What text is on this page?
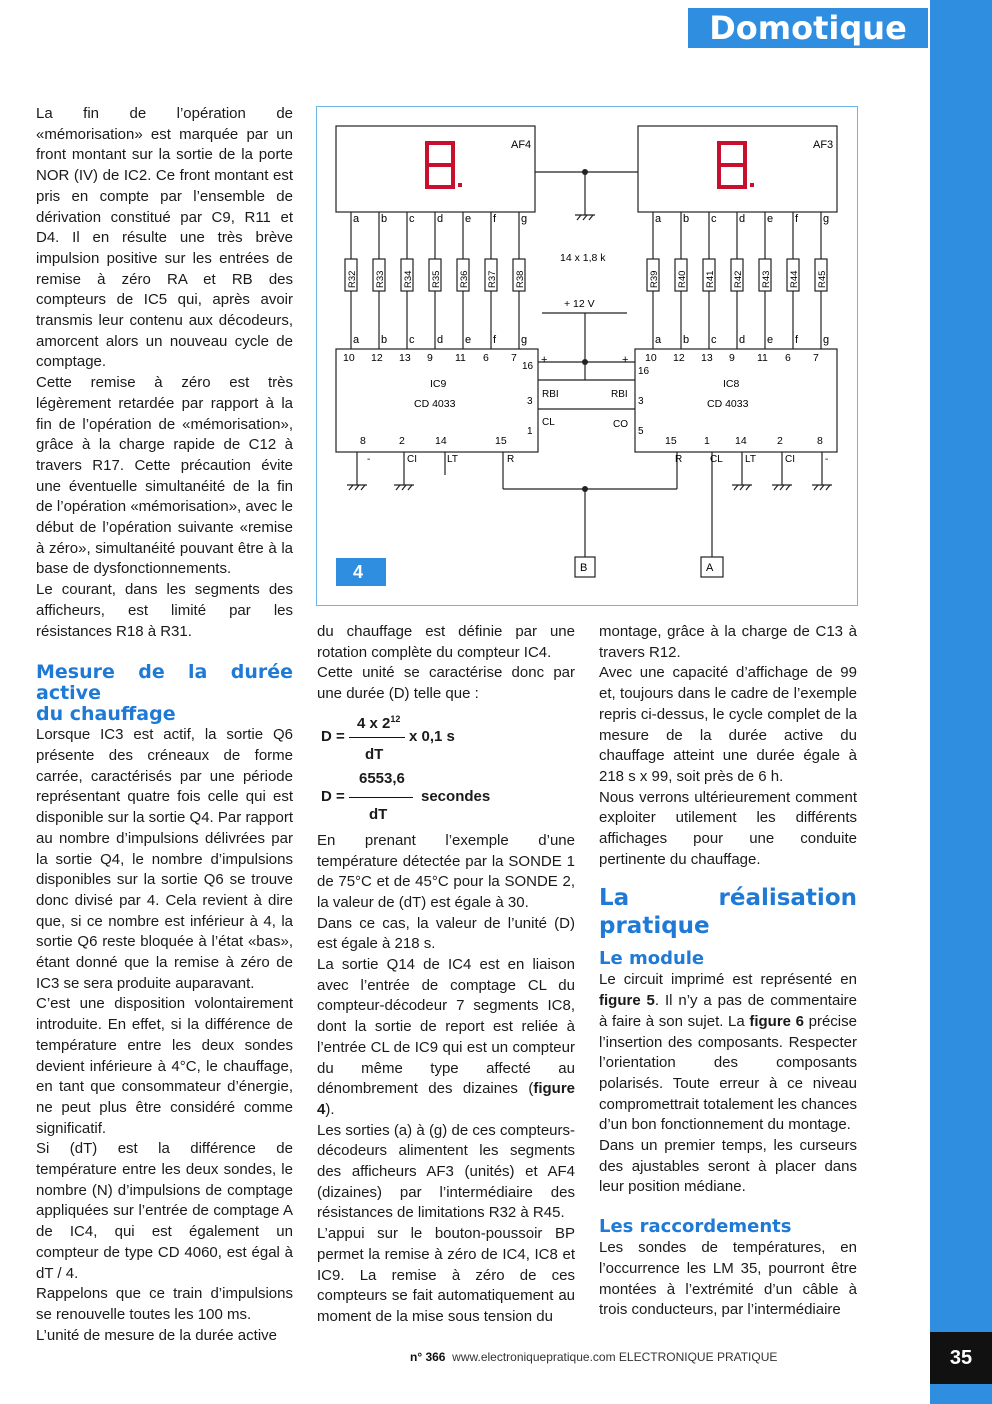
Domotique

La fin de l’opération de «mémorisation» est marquée par un front montant sur la sortie de la porte NOR (IV) de IC2. Ce front montant est pris en compte par l’ensemble de dérivation constitué par C9, R11 et D4. Il en résulte une très brève impulsion positive sur les entrées de remise à zéro RA et RB des compteurs de IC5 qui, après avoir transmis leur contenu aux décodeurs, amorcent alors un nouveau cycle de comptage.

Cette remise à zéro est très légèrement retardée par rapport à la fin de l’opération de «mémorisation», grâce à la charge rapide de C12 à travers R17. Cette précaution évite une éventuelle simultanéité de la fin de l’opération «mémorisation», avec le début de l’opération suivante «remise à zéro», simultanéité pouvant être à la base de dysfonctionnements.

Le courant, dans les segments des afficheurs, est limité par les résistances R18 à R31.

Mesure de la durée active
du chauffage

Lorsque IC3 est actif, la sortie Q6 présente des créneaux de forme carrée, caractérisés par une période représentant quatre fois celle qui est disponible sur la sortie Q4. Par rapport au nombre d’impulsions délivrées par la sortie Q4, le nombre d’impulsions disponibles sur la sortie Q6 se trouve donc divisé par 4. Cela revient à dire que, si ce nombre est inférieur à 4, la sortie Q6 reste bloquée à l’état «bas», étant donné que la remise à zéro de IC3 se sera produite auparavant.

C’est une disposition volontairement introduite. En effet, si la différence de température entre les deux sondes devient inférieure à 4°C, le chauffage, en tant que consommateur d’énergie, ne peut plus être considéré comme significatif.

Si (dT) est la différence de température entre les deux sondes, le nombre (N) d’impulsions de comptage appliquées sur l’entrée de comptage A de IC4, qui est également un compteur de type CD 4060, est égal à dT / 4.

Rappelons que ce train d’impulsions se renouvelle toutes les 100 ms.

L’unité de mesure de la durée active

du chauffage est définie par une rotation complète du compteur IC4.

Cette unité se caractérise donc par une durée (D) telle que :

4 x $2^{12}$
D =	x 0,1 s
dT
6553,6
D =	secondes
dT

En prenant l’exemple d’une température détectée par la SONDE 1 de 75°C et de 45°C pour la SONDE 2, la valeur de (dT) est égale à 30.

Dans ce cas, la valeur de l’unité (D) est égale à 218 s.

La sortie Q14 de IC4 est en liaison avec l’entrée de comptage CL du compteur-décodeur 7 segments IC8, dont la sortie de report est reliée à l’entrée CL de IC9 qui est un compteur du même type affecté au dénombrement des dizaines (figure 4).

Les sorties (a) à (g) de ces compteurs-décodeurs alimentent les segments des afficheurs AF3 (unités) et AF4 (dizaines) par l’intermédiaire des résistances de limitations R32 à R45.

L’appui sur le bouton-poussoir BP permet la remise à zéro de IC4, IC8 et IC9. La remise à zéro de ces compteurs se fait automatiquement au moment de la mise sous tension du

montage, grâce à la charge de C13 à travers R12.

Avec une capacité d’affichage de 99 et, toujours dans le cadre de l’exemple repris ci-dessus, le cycle complet de la mesure de la durée active du chauffage atteint une durée égale à 218 s x 99, soit près de 6 h.

Nous verrons ultérieurement comment exploiter utilement les différents affichages pour une conduite pertinente du chauffage.

La réalisation pratique
Le module

Le circuit imprimé est représenté en figure 5. Il n’y a pas de commentaire à faire à son sujet. La figure 6 précise l’insertion des composants. Respecter l’orientation des composants polarisés. Toute erreur à ce niveau compromettrait totalement les chances d’un bon fonctionnement du montage.

Dans un premier temps, les curseurs des ajustables seront à placer dans leur position médiane.

Les raccordements

Les sondes de températures, en l’occurrence les LM 35, pourront être montées à l’extrémité d’un câble à trois conducteurs, par l’intermédiaire

R32
a
a
10
R33
b
b
12
R34
c
c
13
R35
d
d
9
R36
e
e
11
R37
f
f
6
R38
g
g
7
R39
a
a
10
R40
b
b
12
R41
c
c
13
R42
d
d
9
R43
e
e
11
R44
f
f
6
R45
g
g
7
AF4	AF3
14 x 1,8 k
+ 12 V
IC9
CD 4033
16
+
3
1
RBI
CL
8	2	14	15
-	CI	LT	R
IC8
CD 4033
16
+
3
5
RBI
CO
15	1 14	2	8
R	CL LT	CI	-
B	A
4
n° 366 www.electroniquepratique.com ELECTRONIQUE PRATIQUE	35
